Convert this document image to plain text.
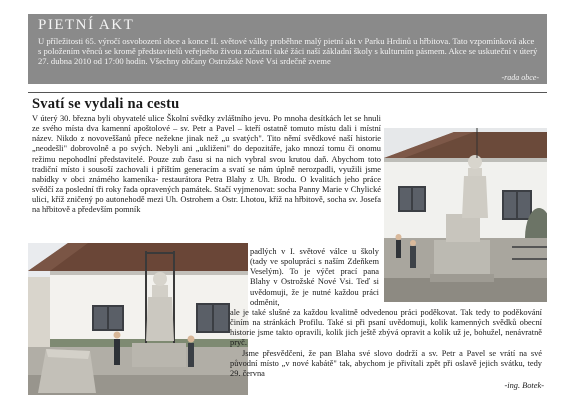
PIETNÍ AKT
U příležitosti 65. výročí osvobození obce a konce II. světové války proběhne malý pietní akt v Parku Hrdinů u hřbitova. Tato vzpomínková akce s položením věnců se kromě představitelů veřejného života zúčastní také žáci naší základní školy s kulturním pásmem. Akce se uskuteční v úterý 27. dubna 2010 od 17:00 hodin. Všechny občany Ostrožské Nové Vsi srdečně zveme
-rada obce-
Svatí se vydali na cestu

V úterý 30. března byli obyvatelé ulice Školní svědky zvláštního jevu. Po mnoha desítkách let se hnuli ze svého místa dva kamenní apoštolové – sv. Petr a Pavel – kteří ostatně tomuto místu dali i místní název. Nikdo z novoveššanů přece nežekne jinak než „u svatých". Tito němí svědkové naší historie „neodešli" dobrovolně a po svých. Nebyli ani „ukliženi" do depozitáře, jako mnozí tomu či onomu režimu nepohodlní představitelé. Pouze zub času si na nich vybral svou krutou daň. Abychom toto tradiční místo i sousoší zachovali i příštím generacím a svatí se nám úplně nerozpadli, využili jsme nabídky v obci známého kameníka- restaurátora Petra Blahy z Uh. Brodu. O kvalitách jeho práce svědčí za poslední tři roky řada opravených památek. Stačí vyjmenovat: socha Panny Marie v Chylické ulici, kříž zničený po autonehodě mezi Uh. Ostrohem a Ostr. Lhotou, kříž na hřbitově, socha sv. Josefa na hřbitově a především pomník

padlých v I. světové válce u školy (tady ve spolupráci s naším Zdeňkem Veselým). To je výčet prací pana Blahy v Ostrožské Nové Vsi. Teď si uvědomuji, že je nutné každou práci odměnit,

ale je také slušné za každou kvalitně odvedenou práci poděkovat. Tak tedy to poděkování činím na stránkách Profilu. Také si při psaní uvědomuji, kolik kamenných svědků obecní historie jsme takto opravili, kolik jich ještě zbývá opravit a kolik už je, bohužel, nenávratně pryč.
Jsme přesvědčeni, že pan Blaha své slovo dodrží a sv. Petr a Pavel se vrátí na své původní místo „v nové kabátě" tak, abychom je přivítali zpět při oslavě jejich svátku, tedy 29. června

-ing. Botek-
